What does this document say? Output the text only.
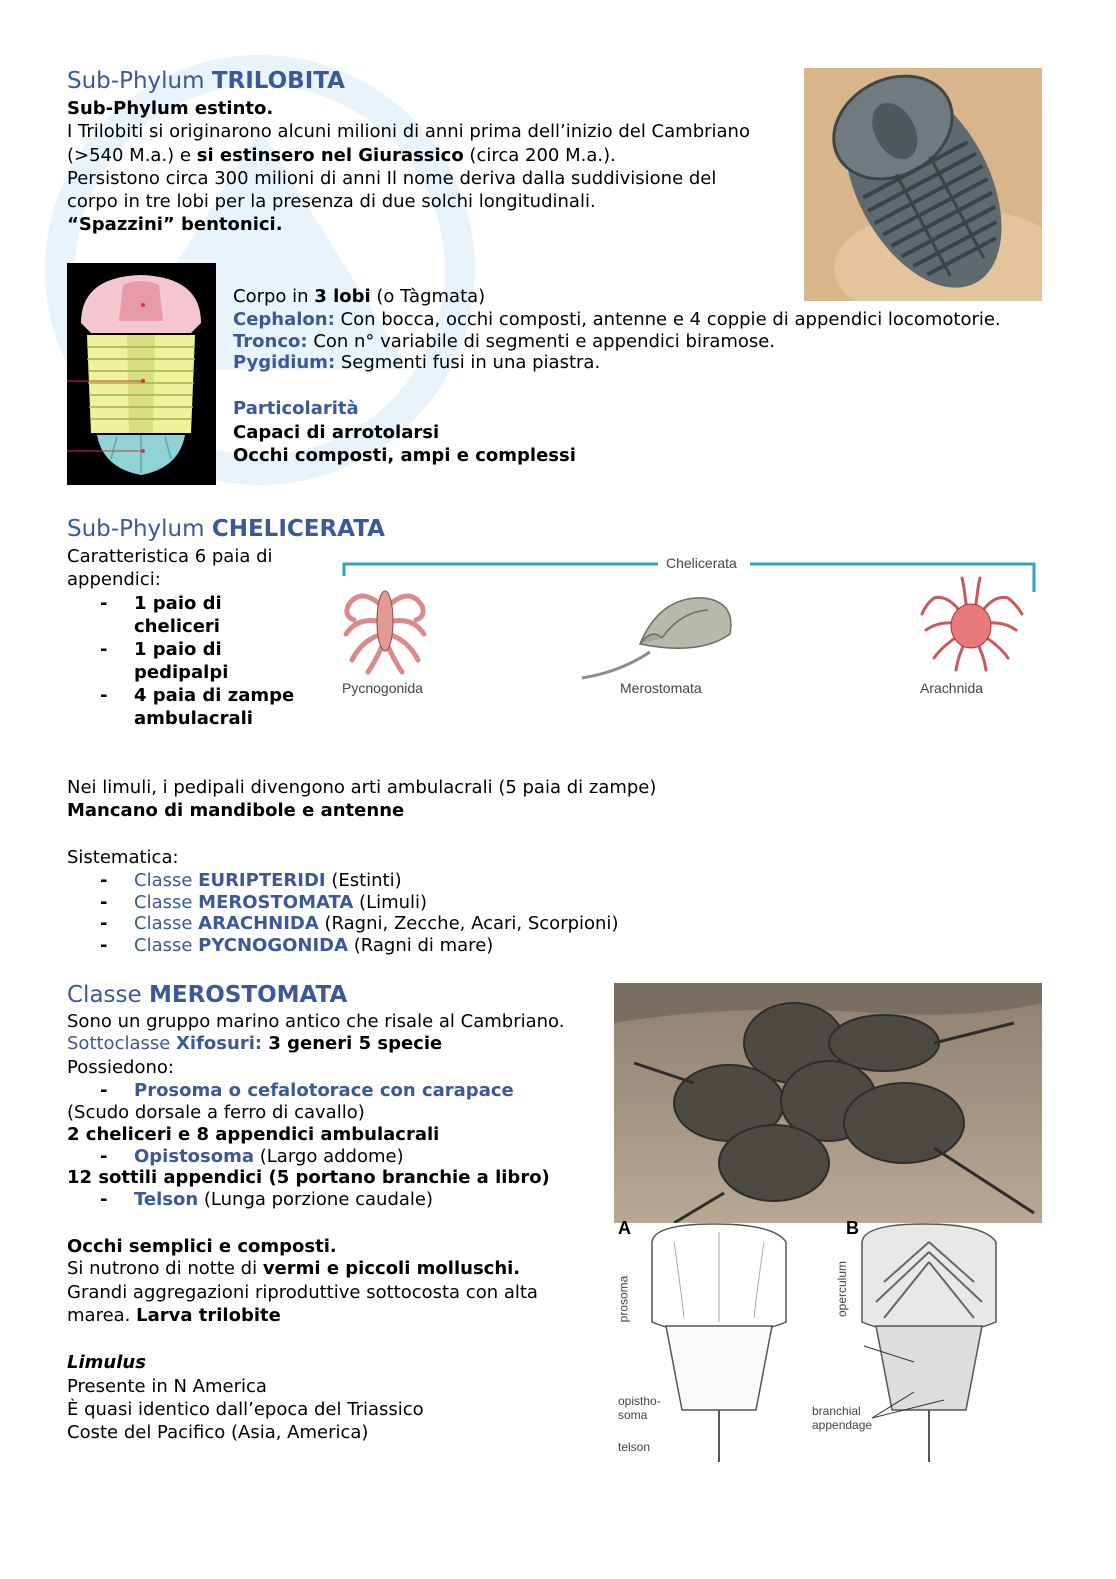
Sub-Phylum TRILOBITA
Sub-Phylum estinto.
I Trilobiti si originarono alcuni milioni di anni prima dell’inizio del Cambriano
(>540 M.a.) e si estinsero nel Giurassico (circa 200 M.a.).
Persistono circa 300 milioni di anni Il nome deriva dalla suddivisione del
corpo in tre lobi per la presenza di due solchi longitudinali.
“Spazzini” bentonici.
Corpo in 3 lobi (o Tàgmata)
Cephalon: Con bocca, occhi composti, antenne e 4 coppie di appendici locomotorie.
Tronco: Con n° variabile di segmenti e appendici biramose.
Pygidium: Segmenti fusi in una piastra.
Particolarità
Capaci di arrotolarsi
Occhi composti, ampi e complessi
Sub-Phylum CHELICERATA
Caratteristica 6 paia di
appendici:
- 1 paio di
cheliceri
- 1 paio di
pedipalpi
- 4 paia di zampe
ambulacrali
Chelicerata
Pycnogonida	Merostomata	Arachnida
Nei limuli, i pedipali divengono arti ambulacrali (5 paia di zampe)
Mancano di mandibole e antenne
Sistematica:
- Classe EURIPTERIDI (Estinti)
- Classe MEROSTOMATA (Limuli)
- Classe ARACHNIDA (Ragni, Zecche, Acari, Scorpioni)
- Classe PYCNOGONIDA (Ragni di mare)
Classe MEROSTOMATA
Sono un gruppo marino antico che risale al Cambriano.
Sottoclasse Xifosuri: 3 generi 5 specie
Possiedono:
- Prosoma o cefalotorace con carapace
(Scudo dorsale a ferro di cavallo)
2 cheliceri e 8 appendici ambulacrali
- Opistosoma (Largo addome)
12 sottili appendici (5 portano branchie a libro)
- Telson (Lunga porzione caudale)
Occhi semplici e composti.
Si nutrono di notte di vermi e piccoli molluschi.
Grandi aggregazioni riproduttive sottocosta con alta
marea. Larva trilobite
Limulus
Presente in N America
È quasi identico dall’epoca del Triassico
Coste del Pacifico (Asia, America)
A	B
prosoma
opistho-
soma
telson
operculum
branchial
appendage
